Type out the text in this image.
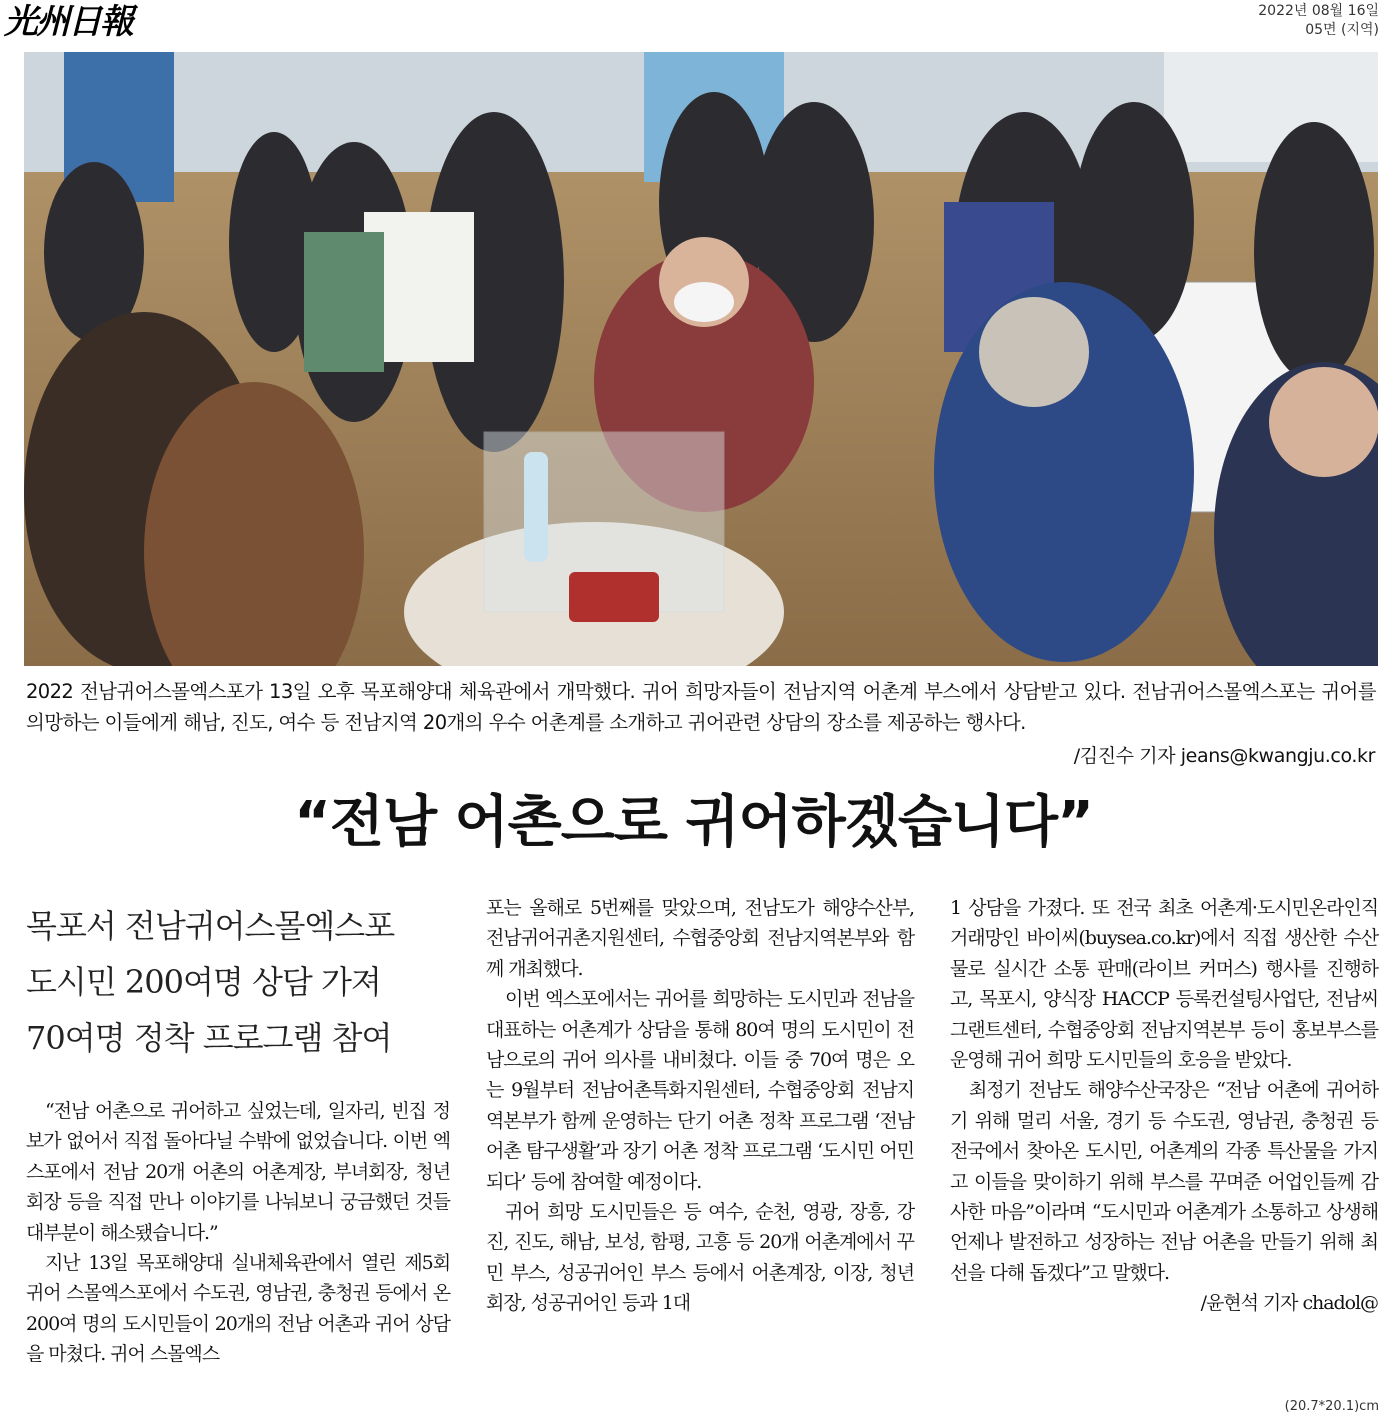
光州日報	2022년 08월 16일
05면 (지역)
2022 전남귀어스몰엑스포가 13일 오후 목포해양대 체육관에서 개막했다. 귀어 희망자들이 전남지역 어촌계 부스에서 상담받고 있다. 전남귀어스몰엑스포는 귀어를 의망하는 이들에게 해남, 진도, 여수 등 전남지역 20개의 우수 어촌계를 소개하고 귀어관련 상담의 장소를 제공하는 행사다.
/김진수 기자 jeans@kwangju.co.kr
“전남 어촌으로 귀어하겠습니다”
목포서 전남귀어스몰엑스포
도시민 200여명 상담 가져
70여명 정착 프로그램 참여

“전남 어촌으로 귀어하고 싶었는데, 일자리, 빈집 정보가 없어서 직접 돌아다닐 수밖에 없었습니다. 이번 엑스포에서 전남 20개 어촌의 어촌계장, 부녀회장, 청년회장 등을 직접 만나 이야기를 나눠보니 궁금했던 것들 대부분이 해소됐습니다.”

지난 13일 목포해양대 실내체육관에서 열린 제5회 귀어 스몰엑스포에서 수도권, 영남권, 충청권 등에서 온 200여 명의 도시민들이 20개의 전남 어촌과 귀어 상담을 마쳤다. 귀어 스몰엑스

포는 올해로 5번째를 맞았으며, 전남도가 해양수산부, 전남귀어귀촌지원센터, 수협중앙회 전남지역본부와 함께 개최했다.

이번 엑스포에서는 귀어를 희망하는 도시민과 전남을 대표하는 어촌계가 상담을 통해 80여 명의 도시민이 전남으로의 귀어 의사를 내비쳤다. 이들 중 70여 명은 오는 9월부터 전남어촌특화지원센터, 수협중앙회 전남지역본부가 함께 운영하는 단기 어촌 정착 프로그램 ‘전남 어촌 탐구생활’과 장기 어촌 정착 프로그램 ‘도시민 어민 되다’ 등에 참여할 예정이다.

귀어 희망 도시민들은 등 여수, 순천, 영광, 장흥, 강진, 진도, 해남, 보성, 함평, 고흥 등 20개 어촌계에서 꾸민 부스, 성공귀어인 부스 등에서 어촌계장, 이장, 청년회장, 성공귀어인 등과 1대

1 상담을 가졌다. 또 전국 최초 어촌계·도시민온라인직거래망인 바이씨(buysea.co.kr)에서 직접 생산한 수산물로 실시간 소통 판매(라이브 커머스) 행사를 진행하고, 목포시, 양식장 HACCP 등록컨설팅사업단, 전남씨그랜트센터, 수협중앙회 전남지역본부 등이 홍보부스를 운영해 귀어 희망 도시민들의 호응을 받았다.

최정기 전남도 해양수산국장은 “전남 어촌에 귀어하기 위해 멀리 서울, 경기 등 수도권, 영남권, 충청권 등 전국에서 찾아온 도시민, 어촌계의 각종 특산물을 가지고 이들을 맞이하기 위해 부스를 꾸며준 어업인들께 감사한 마음”이라며 “도시민과 어촌계가 소통하고 상생해 언제나 발전하고 성장하는 전남 어촌을 만들기 위해 최선을 다해 돕겠다”고 말했다.

/윤현석 기자 chadol@
(20.7*20.1)cm
